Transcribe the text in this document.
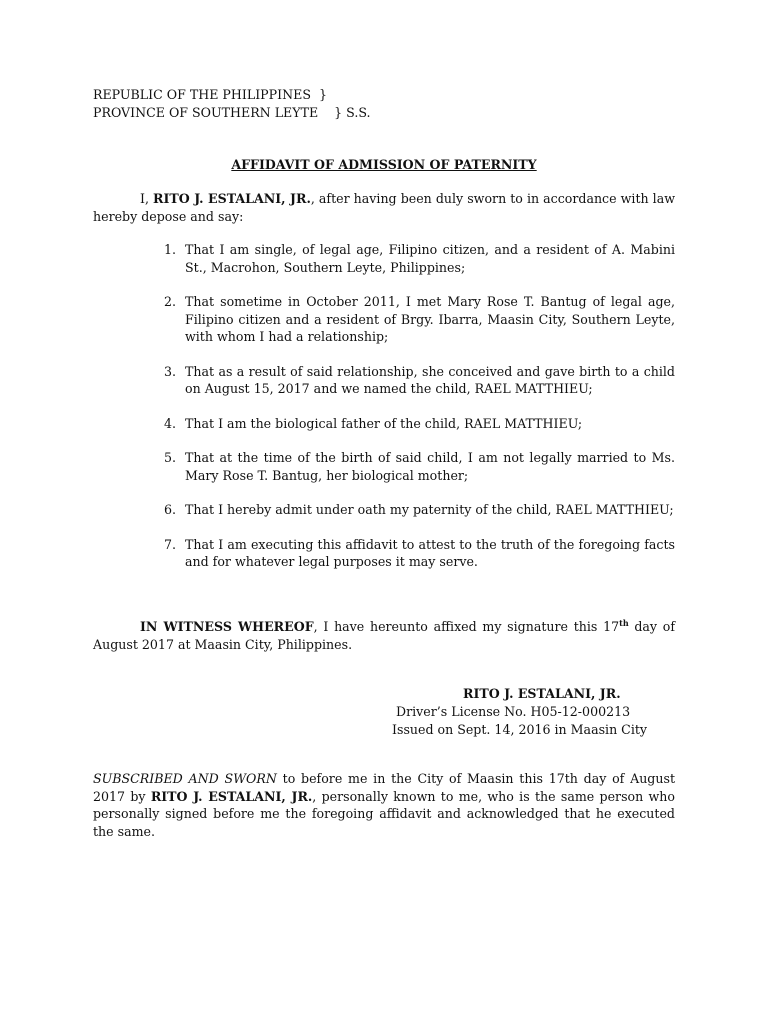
REPUBLIC OF THE PHILIPPINES  }
PROVINCE OF SOUTHERN LEYTE    } S.S.
AFFIDAVIT OF ADMISSION OF PATERNITY
I, RITO J. ESTALANI, JR., after having been duly sworn to in accordance with law hereby depose and say:
1. That I am single, of legal age, Filipino citizen, and a resident of A. Mabini St., Macrohon, Southern Leyte, Philippines;
2. That sometime in October 2011, I met Mary Rose T. Bantug of legal age, Filipino citizen and a resident of Brgy. Ibarra, Maasin City, Southern Leyte, with whom I had a relationship;
3. That as a result of said relationship, she conceived and gave birth to a child on August 15, 2017 and we named the child, RAEL MATTHIEU;
4. That I am the biological father of the child, RAEL MATTHIEU;
5. That at the time of the birth of said child, I am not legally married to Ms. Mary Rose T. Bantug, her biological mother;
6. That I hereby admit under oath my paternity of the child, RAEL MATTHIEU;
7. That I am executing this affidavit to attest to the truth of the foregoing facts and for whatever legal purposes it may serve.
IN WITNESS WHEREOF, I have hereunto affixed my signature this 17th day of August 2017 at Maasin City, Philippines.
RITO J. ESTALANI, JR.
Driver’s License No. H05-12-000213
Issued on Sept. 14, 2016 in Maasin City
SUBSCRIBED AND SWORN to before me in the City of Maasin this 17th day of August 2017 by RITO J. ESTALANI, JR., personally known to me, who is the same person who personally signed before me the foregoing affidavit and acknowledged that he executed the same.
